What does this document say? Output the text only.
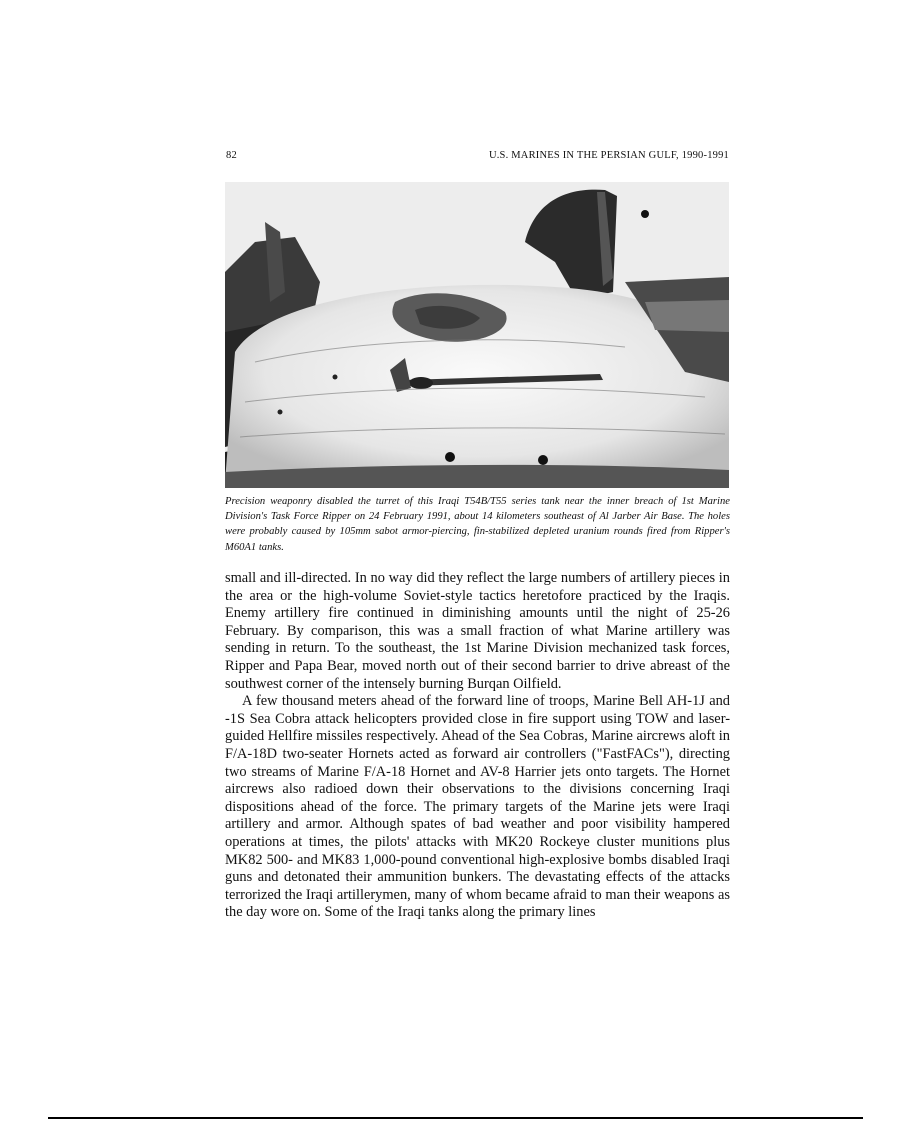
82	U.S. MARINES IN THE PERSIAN GULF, 1990-1991
Precision weaponry disabled the turret of this Iraqi T54B/T55 series tank near the inner breach of 1st Marine Division's Task Force Ripper on 24 February 1991, about 14 kilometers southeast of Al Jarber Air Base. The holes were probably caused by 105mm sabot armor-piercing, fin-stabilized depleted uranium rounds fired from Ripper's M60A1 tanks.

small and ill-directed. In no way did they reflect the large numbers of artillery pieces in the area or the high-volume Soviet-style tactics heretofore practiced by the Iraqis. Enemy artillery fire continued in diminishing amounts until the night of 25-26 February. By comparison, this was a small fraction of what Marine artillery was sending in return. To the southeast, the 1st Marine Division mechanized task forces, Ripper and Papa Bear, moved north out of their second barrier to drive abreast of the southwest corner of the intensely burning Burqan Oilfield.

A few thousand meters ahead of the forward line of troops, Marine Bell AH-1J and -1S Sea Cobra attack helicopters provided close in fire support using TOW and laser-guided Hellfire missiles respectively. Ahead of the Sea Cobras, Marine aircrews aloft in F/A-18D two-seater Hornets acted as forward air controllers ("FastFACs"), directing two streams of Marine F/A-18 Hornet and AV-8 Harrier jets onto targets. The Hornet aircrews also radioed down their observations to the divisions concerning Iraqi dispositions ahead of the force. The primary targets of the Marine jets were Iraqi artillery and armor. Although spates of bad weather and poor visibility hampered operations at times, the pilots' attacks with MK20 Rockeye cluster munitions plus MK82 500- and MK83 1,000-pound conventional high-explosive bombs disabled Iraqi guns and detonated their ammunition bunkers. The devastating effects of the attacks terrorized the Iraqi artillerymen, many of whom became afraid to man their weapons as the day wore on. Some of the Iraqi tanks along the primary lines
